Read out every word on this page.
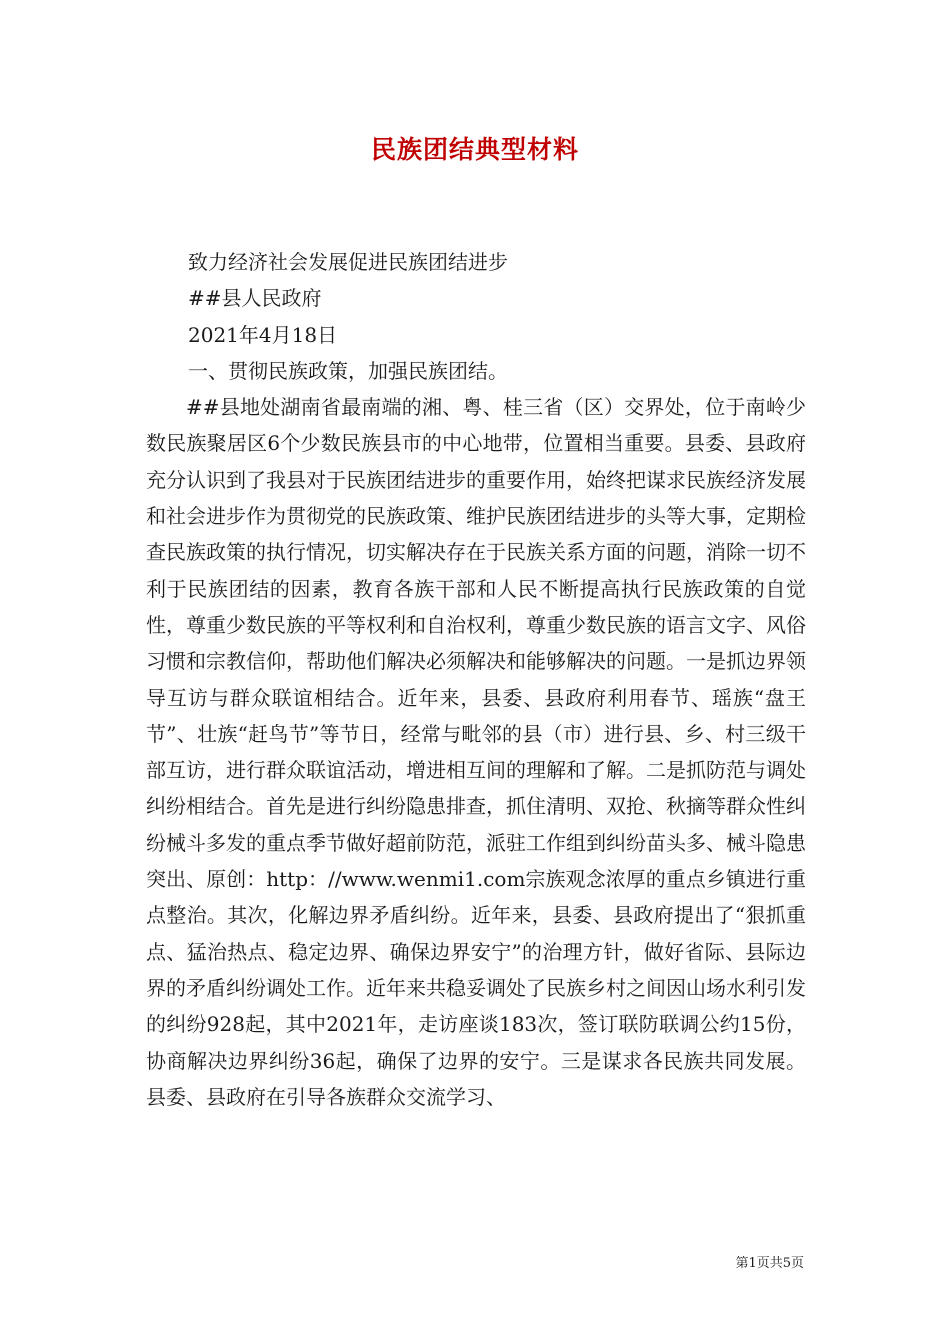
民族团结典型材料

致力经济社会发展促进民族团结进步

##县人民政府

2021年4月18日

一、贯彻民族政策，加强民族团结。

##县地处湖南省最南端的湘、粤、桂三省（区）交界处，位于南岭少数民族聚居区6个少数民族县市的中心地带，位置相当重要。县委、县政府充分认识到了我县对于民族团结进步的重要作用，始终把谋求民族经济发展和社会进步作为贯彻党的民族政策、维护民族团结进步的头等大事，定期检查民族政策的执行情况，切实解决存在于民族关系方面的问题，消除一切不利于民族团结的因素，教育各族干部和人民不断提高执行民族政策的自觉性，尊重少数民族的平等权利和自治权利，尊重少数民族的语言文字、风俗习惯和宗教信仰，帮助他们解决必须解决和能够解决的问题。一是抓边界领导互访与群众联谊相结合。近年来，县委、县政府利用春节、瑶族“盘王节”、壮族“赶鸟节”等节日，经常与毗邻的县（市）进行县、乡、村三级干部互访，进行群众联谊活动，增进相互间的理解和了解。二是抓防范与调处纠纷相结合。首先是进行纠纷隐患排查，抓住清明、双抢、秋摘等群众性纠纷械斗多发的重点季节做好超前防范，派驻工作组到纠纷苗头多、械斗隐患突出、原创：http：//www.wenmi1.com宗族观念浓厚的重点乡镇进行重点整治。其次，化解边界矛盾纠纷。近年来，县委、县政府提出了“狠抓重点、猛治热点、稳定边界、确保边界安宁”的治理方针，做好省际、县际边界的矛盾纠纷调处工作。近年来共稳妥调处了民族乡村之间因山场水利引发的纠纷928起，其中2021年，走访座谈183次，签订联防联调公约15份，协商解决边界纠纷36起，确保了边界的安宁。三是谋求各民族共同发展。县委、县政府在引导各族群众交流学习、

第1页共5页
